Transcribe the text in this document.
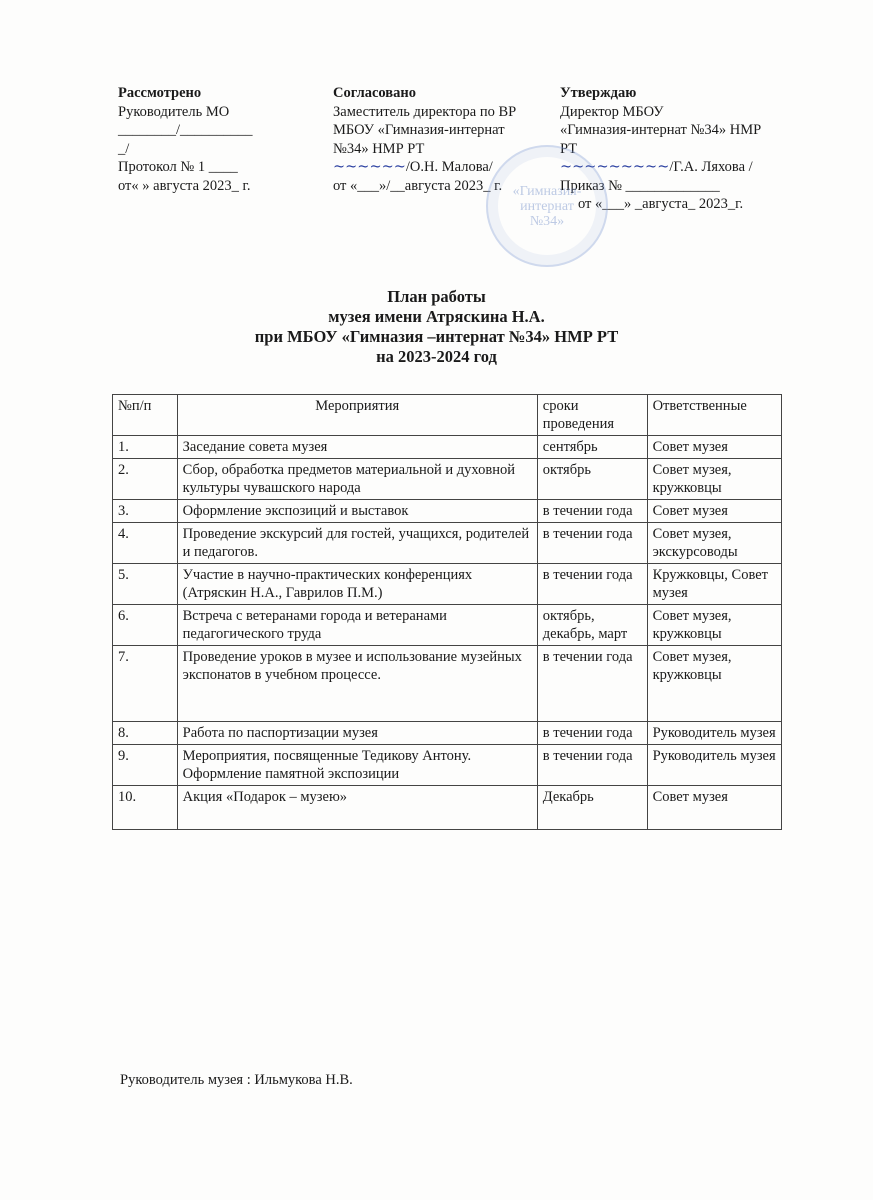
Рассмотрено
Руководитель МО
________/__________
_/
Протокол № 1 ____
от« » августа 2023_ г.
Согласовано
Заместитель директора по ВР
МБОУ «Гимназия-интернат
№34» НМР РТ
~~~~~~/О.Н. Малова/
от «___»/__августа 2023_ г.
Утверждаю
Директор МБОУ
«Гимназия-интернат №34» НМР
РТ
~~~~~~~~~/Г.А. Ляхова /
Приказ № _____________
от «___» _августа_ 2023_г.
«Гимназия-
интернат
№34»
План работы
музея имени Атряскина Н.А.
при МБОУ «Гимназия –интернат №34» НМР РТ
на 2023-2024 год
№п/п	Мероприятия	сроки проведения	Ответственные
1.	Заседание совета музея	сентябрь	Совет музея
2.	Сбор, обработка предметов материальной и духовной культуры чувашского народа	октябрь	Совет музея, кружковцы
3.	Оформление экспозиций и выставок	в течении года	Совет музея
4.	Проведение экскурсий для гостей, учащихся, родителей и педагогов.	в течении года	Совет музея, экскурсоводы
5.	Участие в научно-практических конференциях (Атряскин Н.А., Гаврилов П.М.)	в течении года	Кружковцы, Совет музея
6.	Встреча с ветеранами города и ветеранами педагогического труда	октябрь, декабрь, март	Совет музея, кружковцы
7.	Проведение уроков в музее и использование музейных экспонатов в учебном процессе.	в течении года	Совет музея, кружковцы
8.	Работа по паспортизации музея	в течении года	Руководитель музея
9.	Мероприятия, посвященные Тедикову Антону. Оформление памятной экспозиции	в течении года	Руководитель музея
10.	Акция «Подарок – музею»	Декабрь	Совет музея
Руководитель музея : Ильмукова Н.В.
